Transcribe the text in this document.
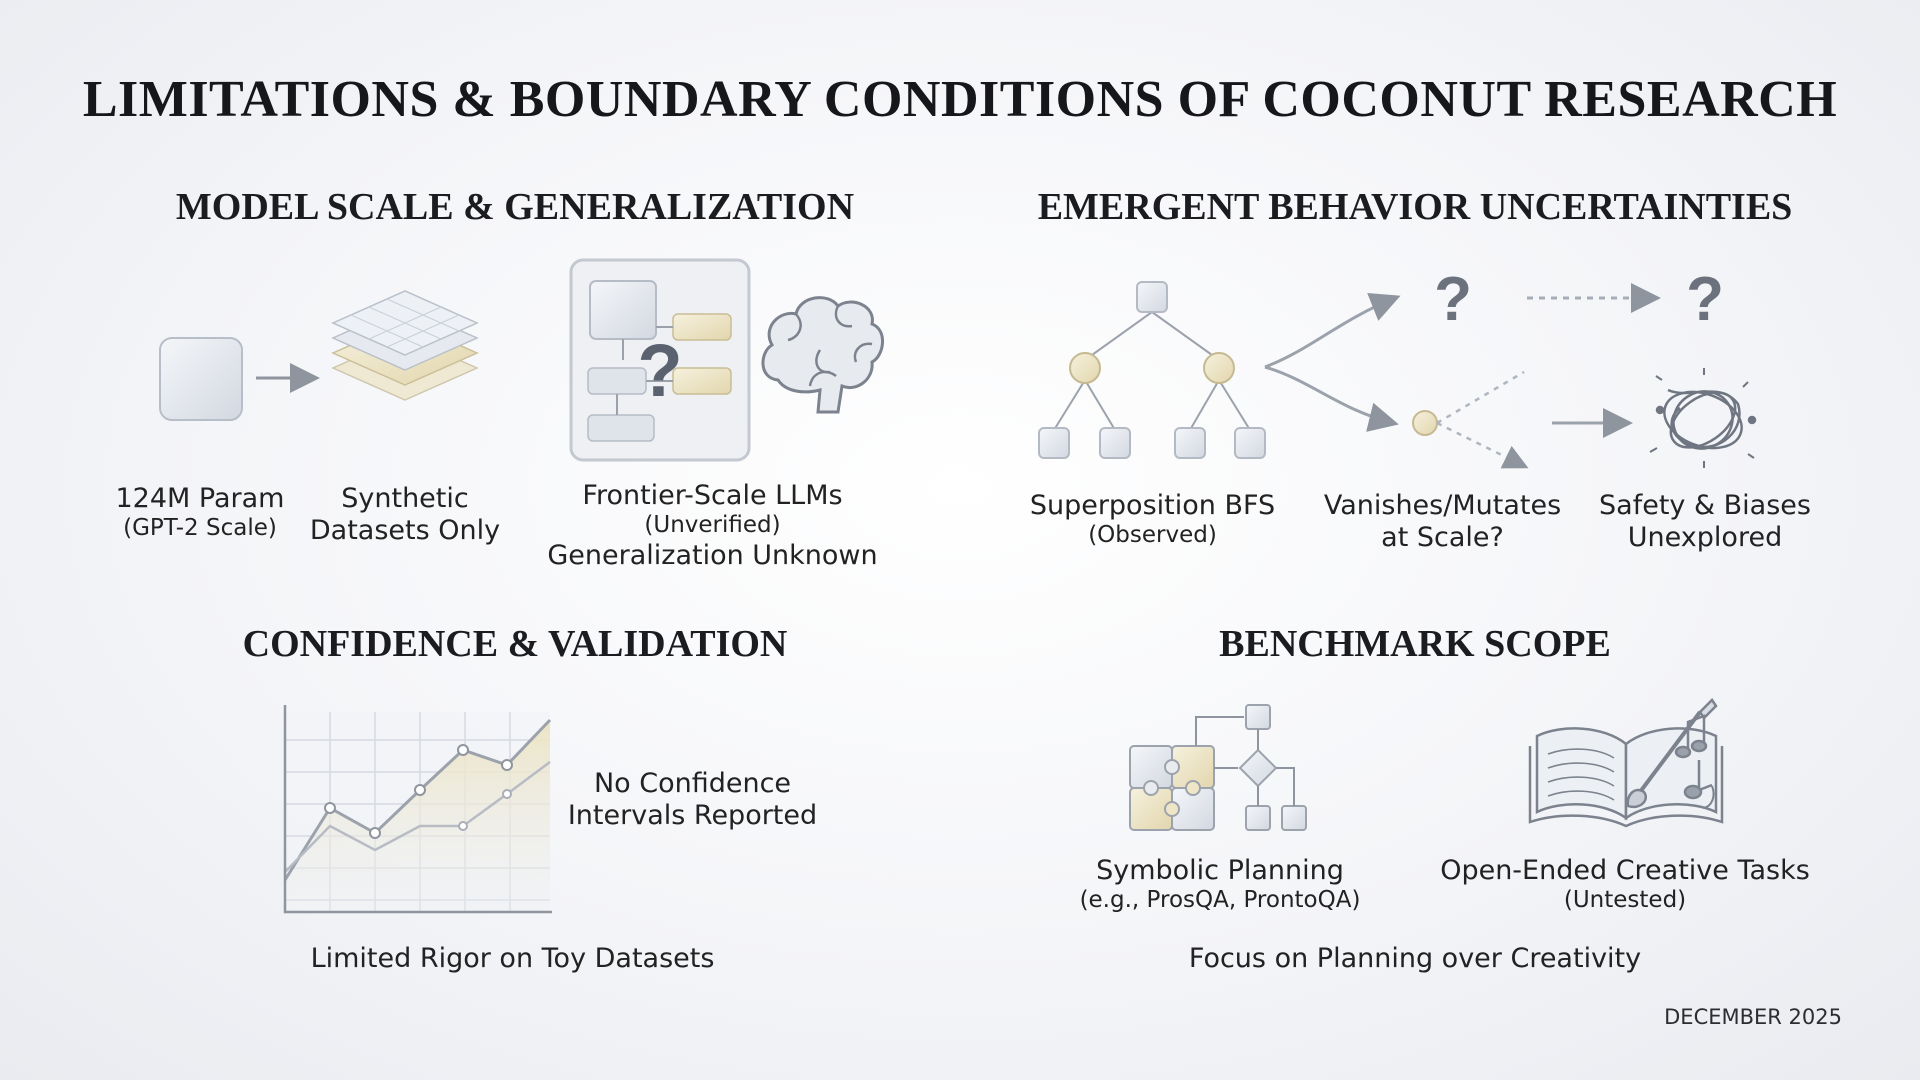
LIMITATIONS & BOUNDARY CONDITIONS OF COCONUT RESEARCH
MODEL SCALE & GENERALIZATION	EMERGENT BEHAVIOR UNCERTAINTIES
CONFIDENCE & VALIDATION	BENCHMARK SCOPE
?
?	?
124M Param
(GPT-2 Scale)
Synthetic
Datasets Only
Frontier-Scale LLMs
(Unverified)
Generalization Unknown
Superposition BFS
(Observed)
Vanishes/Mutates
at Scale?
Safety & Biases
Unexplored
No Confidence
Intervals Reported
Limited Rigor on Toy Datasets
Symbolic Planning
(e.g., ProsQA, ProntoQA)
Open-Ended Creative Tasks
(Untested)
Focus on Planning over Creativity
DECEMBER 2025
